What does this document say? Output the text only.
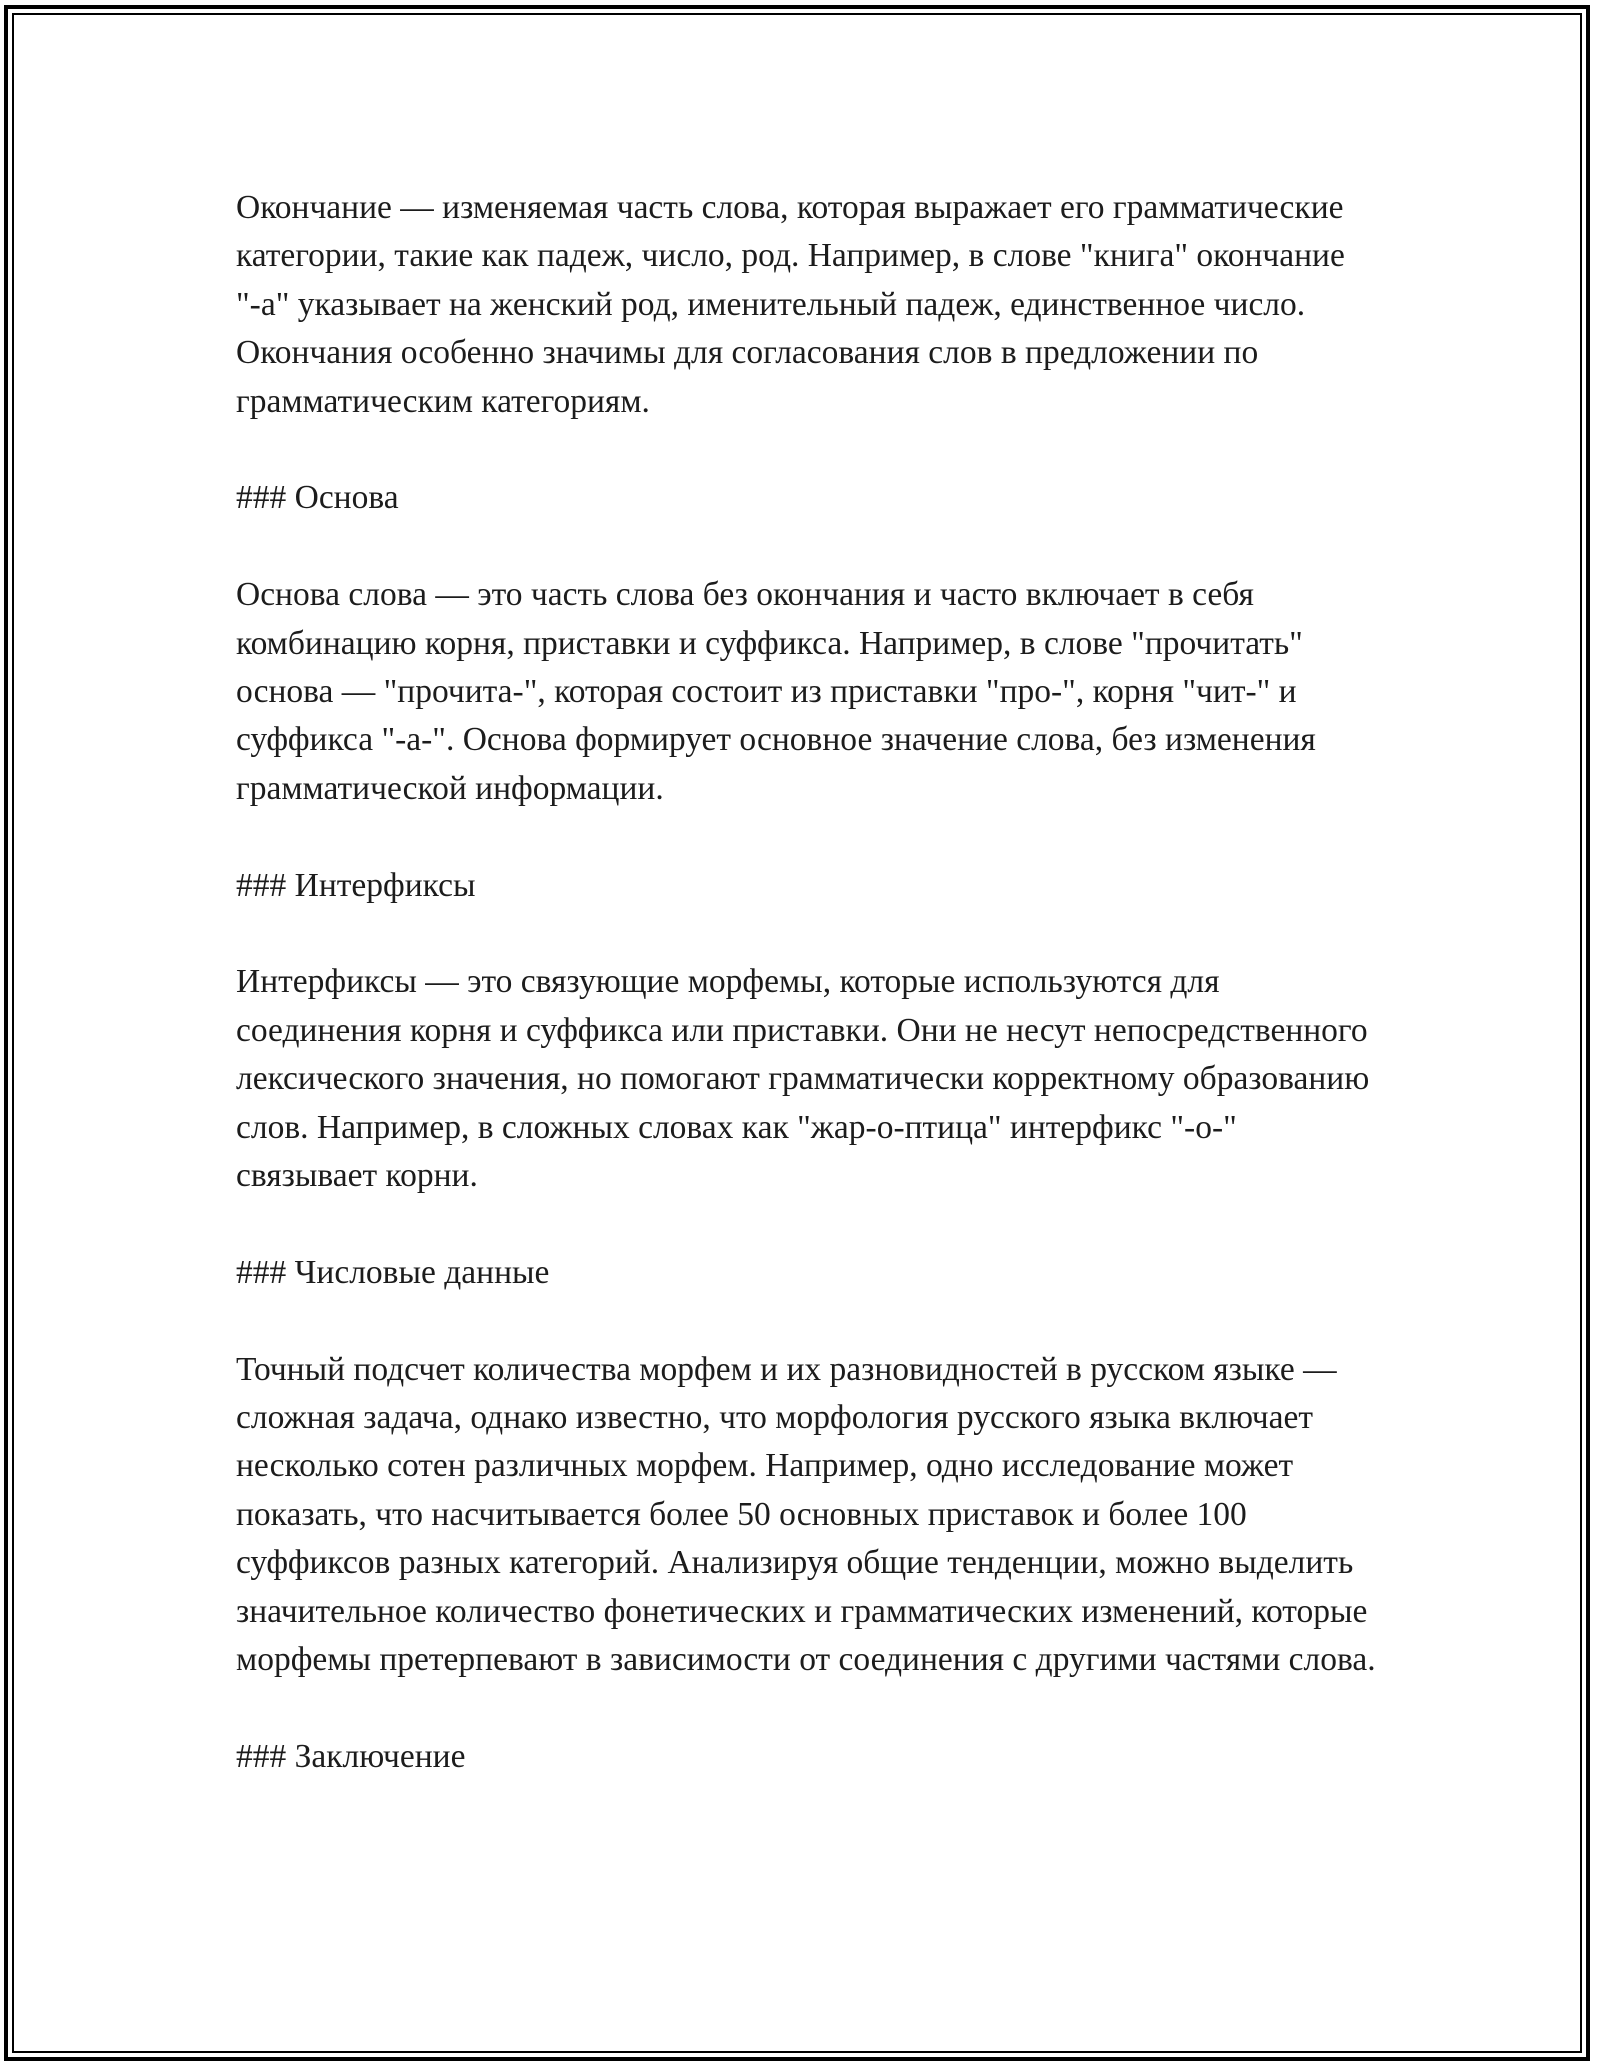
Окончание — изменяемая часть слова, которая выражает его грамматические категории, такие как падеж, число, род. Например, в слове "книга" окончание "-а" указывает на женский род, именительный падеж, единственное число. Окончания особенно значимы для согласования слов в предложении по грамматическим категориям.

### Основа

Основа слова — это часть слова без окончания и часто включает в себя комбинацию корня, приставки и суффикса. Например, в слове "прочитать" основа — "прочита-", которая состоит из приставки "про-", корня "чит-" и суффикса "-а-". Основа формирует основное значение слова, без изменения грамматической информации.

### Интерфиксы

Интерфиксы — это связующие морфемы, которые используются для соединения корня и суффикса или приставки. Они не несут непосредственного лексического значения, но помогают грамматически корректному образованию слов. Например, в сложных словах как "жар-о-птица" интерфикс "-о-" связывает корни.

### Числовые данные

Точный подсчет количества морфем и их разновидностей в русском языке — сложная задача, однако известно, что морфология русского языка включает несколько сотен различных морфем. Например, одно исследование может показать, что насчитывается более 50 основных приставок и более 100 суффиксов разных категорий. Анализируя общие тенденции, можно выделить значительное количество фонетических и грамматических изменений, которые морфемы претерпевают в зависимости от соединения с другими частями слова.

### Заключение
